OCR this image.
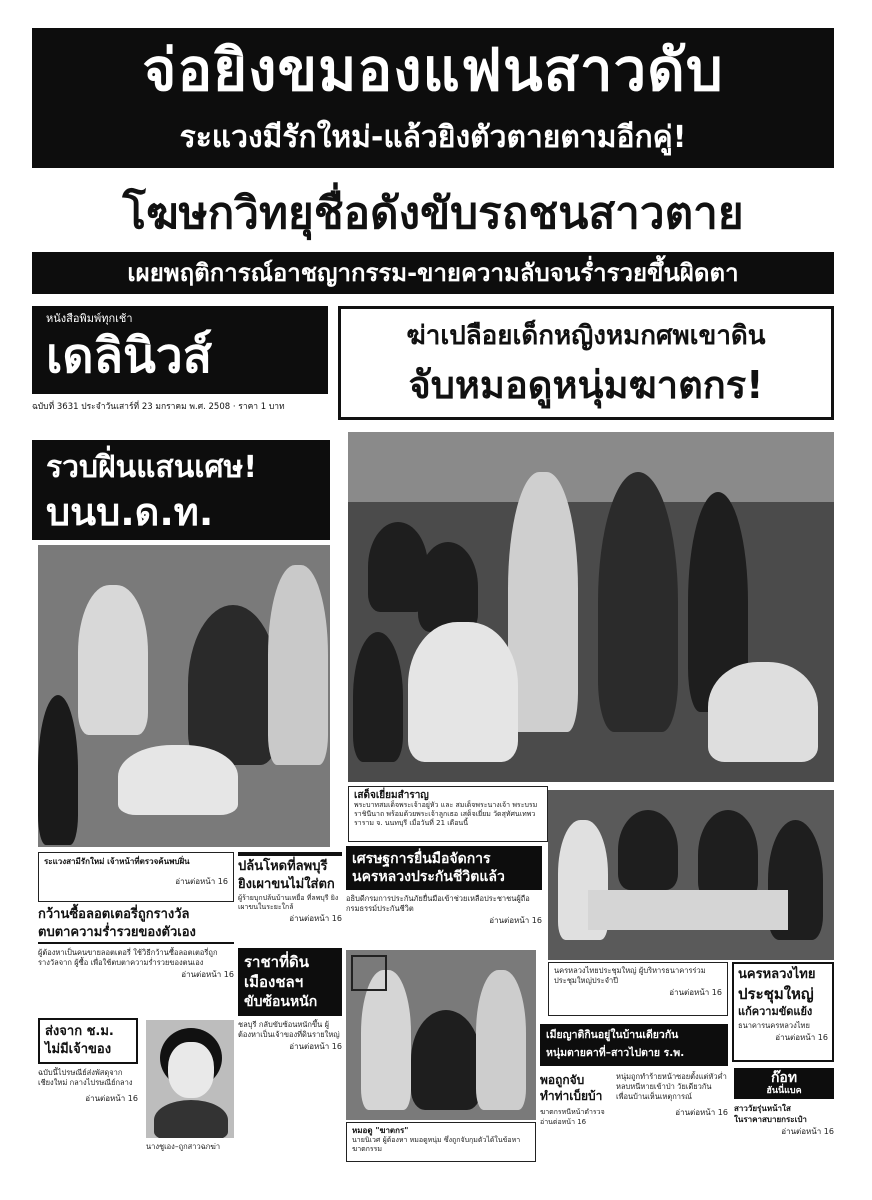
จ่อยิงขมองแฟนสาวดับ
ระแวงมีรักใหม่-แล้วยิงตัวตายตามอีกคู่!
โฆษกวิทยุชื่อดังขับรถชนสาวตาย
เผยพฤติการณ์อาชญากรรม-ขายความลับจนร่ำรวยขึ้นผิดตา
หนังสือพิมพ์ทุกเช้า
เดลินิวส์
ฉบับที่ 3631 ประจำวันเสาร์ที่ 23 มกราคม พ.ศ. 2508 · ราคา 1 บาท
ฆ่าเปลือยเด็กหญิงหมกศพเขาดิน
จับหมอดูหนุ่มฆาตกร!
รวบฝิ่นแสนเศษ!
บนบ.ด.ท.
เสด็จเยี่ยมสำราญ
พระบาทสมเด็จพระเจ้าอยู่หัว และ สมเด็จพระนางเจ้า พระบรมราชินีนาถ พร้อมด้วยพระเจ้าลูกเธอ เสด็จเยี่ยม วัดสุทัศนเทพวราราม จ. นนทบุรี เมื่อวันที่ 21 เดือนนี้
ระแวงสามีรักใหม่ เจ้าหน้าที่ตรวจค้นพบฝิ่น
อ่านต่อหน้า 16
ปล้นโหดที่ลพบุรี
ยิงเผาขนไม่ใส่ตก
ผู้ร้ายบุกปล้นบ้านเหยื่อ ที่ลพบุรี ยิงเผาขนในระยะใกล้
อ่านต่อหน้า 16
เศรษฐการยื่นมือจัดการ
นครหลวงประกันชีวิตแล้ว
อธิบดีกรมการประกันภัยยื่นมือเข้าช่วยเหลือประชาชนผู้ถือกรมธรรม์ประกันชีวิต
อ่านต่อหน้า 16
กว้านซื้อลอตเตอรี่ถูกรางวัล
ตบตาความร่ำรวยของตัวเอง
ผู้ต้องหาเป็นคนขายลอตเตอรี่ ใช้วิธีกว้านซื้อลอตเตอรี่ถูกรางวัลจาก ผู้ซื้อ เพื่อใช้ตบตาความร่ำรวยของตนเอง
อ่านต่อหน้า 16	นครหลวงไทยประชุมใหญ่ ผู้บริหารธนาคารร่วมประชุมใหญ่ประจำปี
อ่านต่อหน้า 16
นครหลวงไทย
ประชุมใหญ่
แก้ความขัดแย้ง
ธนาคารนครหลวงไทย
อ่านต่อหน้า 16
ราชาที่ดิน
เมืองชลฯ
ขับซ้อนหนัก
ชลบุรี กลับขับซ้อนหนักขึ้น ผู้ต้องหาเป็นเจ้าของที่ดินรายใหญ่
อ่านต่อหน้า 16
หมอดู "ฆาตกร"
นายนิเวศ ผู้ต้องหา หมอดูหนุ่ม ซึ่งถูกจับกุมตัวได้ในข้อหาฆาตกรรม
เมียญาติกินอยู่ในบ้านเดียวกัน
หนุ่มตายคาที่–สาวไปตาย ร.พ.
ส่งจาก ช.ม.
ไม่มีเจ้าของ
ฉบับนี้ไปรษณีย์ส่งพัสดุจากเชียงใหม่ กลางไปรษณีย์กลาง
อ่านต่อหน้า 16
นางชูเอง–ถูกสาวฉกฆ่า
พอถูกจับ
ทำท่าเบ็ยบ้า
ฆาตกรหนีหน้าตำรวจ
อ่านต่อหน้า 16
หนุ่มถูกทำร้ายหน้าซอยตั้งแต่หัวค่ำ หลบหนีหายเข้าป่า วัยเดียวกันเพื่อนบ้านเห็นเหตุการณ์
อ่านต่อหน้า 16
ก๊อท
ฮันนี่แบค
สาววัยรุ่นหน้าใส
ในราคาสบายกระเป๋า
อ่านต่อหน้า 16
